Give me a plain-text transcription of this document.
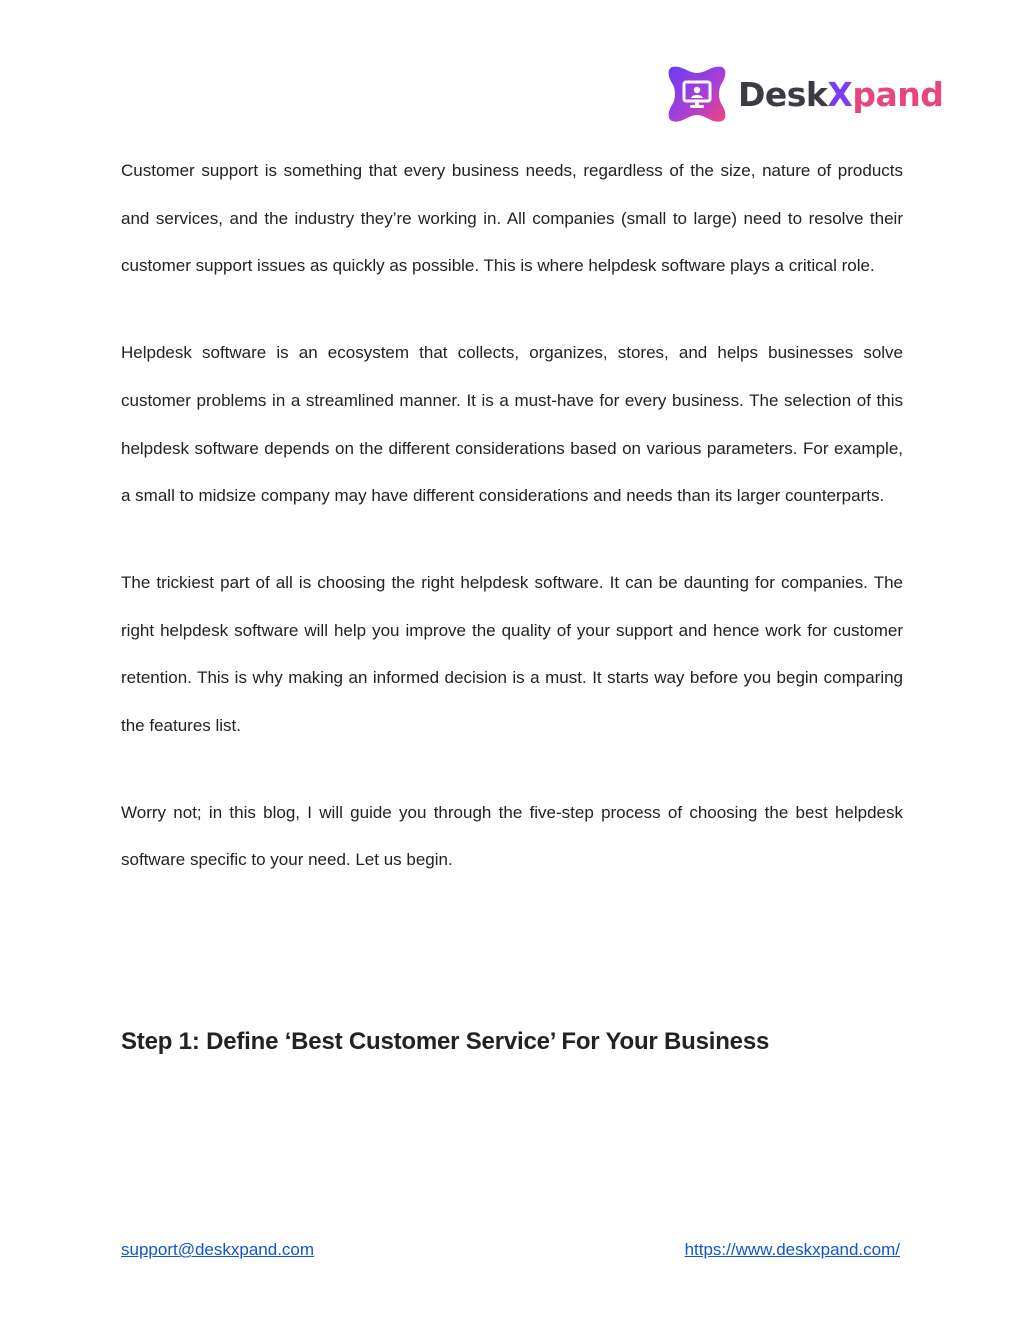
DeskXpand

Customer support is something that every business needs, regardless of the size, nature of products and services, and the industry they’re working in. All companies (small to large) need to resolve their customer support issues as quickly as possible. This is where helpdesk software plays a critical role.

Helpdesk software is an ecosystem that collects, organizes, stores, and helps businesses solve customer problems in a streamlined manner. It is a must-have for every business. The selection of this helpdesk software depends on the different considerations based on various parameters. For example, a small to midsize company may have different considerations and needs than its larger counterparts.

The trickiest part of all is choosing the right helpdesk software. It can be daunting for companies. The right helpdesk software will help you improve the quality of your support and hence work for customer retention. This is why making an informed decision is a must. It starts way before you begin comparing the features list.

Worry not; in this blog, I will guide you through the five-step process of choosing the best helpdesk software specific to your need. Let us begin.

Step 1: Define ‘Best Customer Service’ For Your Business
support@deskxpand.com	https://www.deskxpand.com/
